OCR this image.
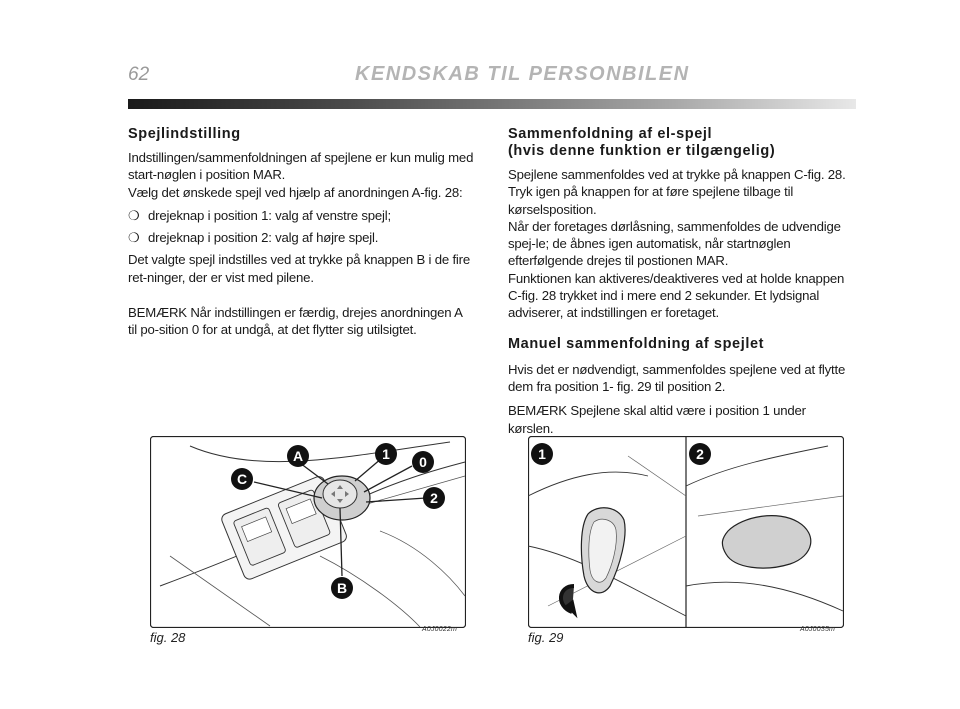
62	KENDSKAB TIL PERSONBILEN
Spejlindstilling
Indstillingen/sammenfoldningen af spejlene er kun mulig med start-nøglen i position MAR.
Vælg det ønskede spejl ved hjælp af anordningen A-fig. 28:
❍ drejeknap i position 1: valg af venstre spejl;
❍ drejeknap i position 2: valg af højre spejl.
Det valgte spejl indstilles ved at trykke på knappen B i de fire ret-ninger, der er vist med pilene.
BEMÆRK Når indstillingen er færdig, drejes anordningen A til po-sition 0 for at undgå, at det flytter sig utilsigtet.
Sammenfoldning af el-spejl
(hvis denne funktion er tilgængelig)
Spejlene sammenfoldes ved at trykke på knappen C-fig. 28. Tryk igen på knappen for at føre spejlene tilbage til kørselsposition.
Når der foretages dørlåsning, sammenfoldes de udvendige spej-le; de åbnes igen automatisk, når startnøglen efterfølgende drejes til postionen MAR.
Funktionen kan aktiveres/deaktiveres ved at holde knappen C-fig. 28 trykket ind i mere end 2 sekunder. Et lydsignal adviserer, at indstillingen er foretaget.
Manuel sammenfoldning af spejlet
Hvis det er nødvendigt, sammenfoldes spejlene ved at flytte dem fra position 1- fig. 29 til position 2.
BEMÆRK Spejlene skal altid være i position 1 under kørslen.
A	1 0
2
C
B
fig. 28
A0J0022m
1	2
fig. 29
A0J0035m
